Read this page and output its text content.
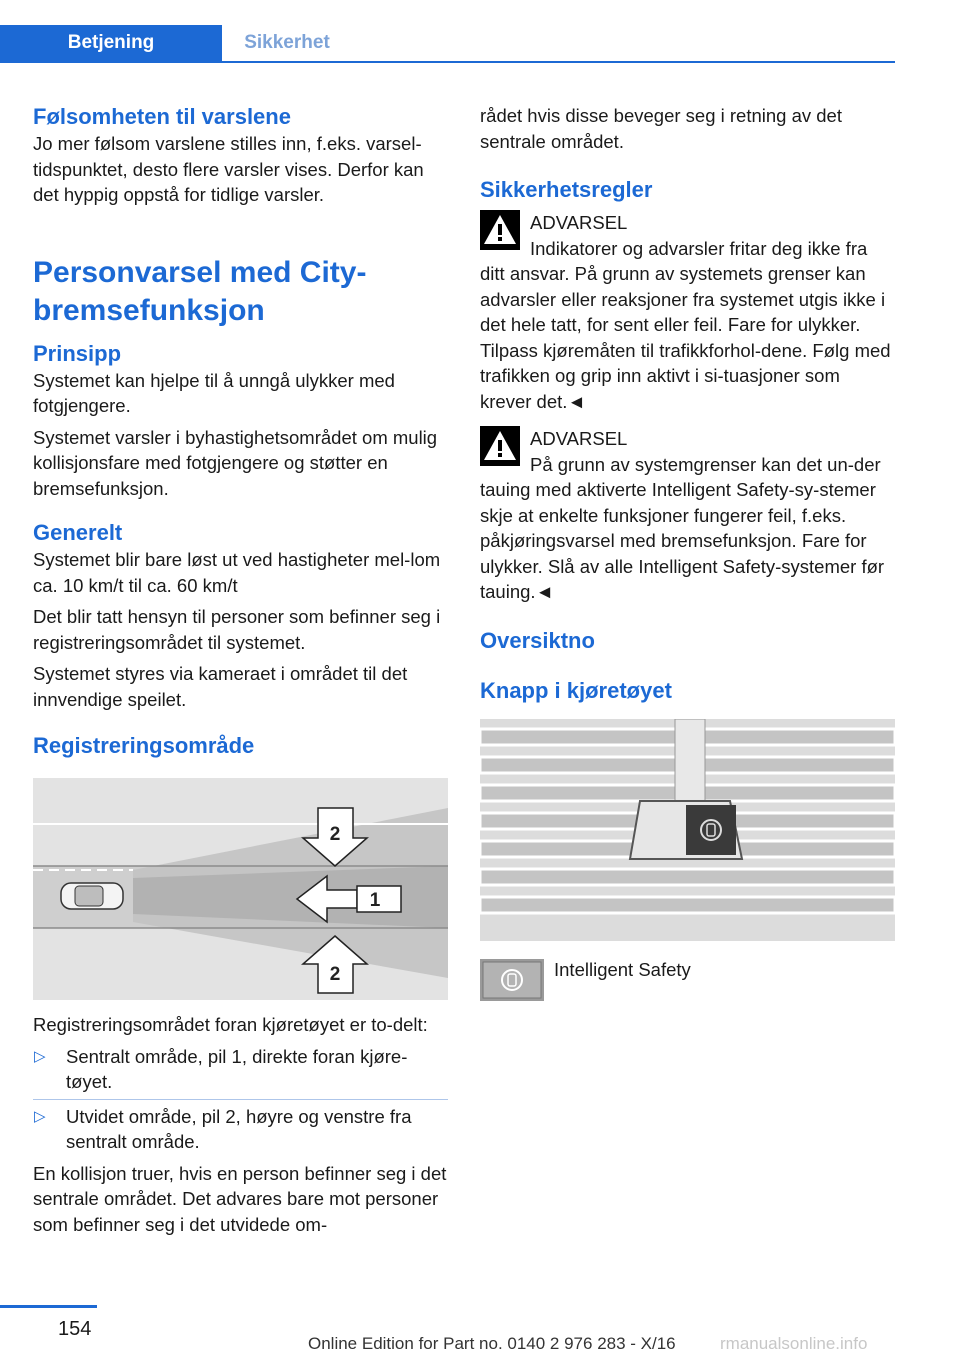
Betjening	Sikkerhet
Følsomheten til varslene

Jo mer følsom varslene stilles inn, f.eks. varsel-tidspunktet, desto flere varsler vises. Derfor kan det hyppig oppstå for tidlige varsler.

Personvarsel med City-bremsefunksjon
Prinsipp

Systemet kan hjelpe til å unngå ulykker med fotgjengere.

Systemet varsler i byhastighetsområdet om mulig kollisjonsfare med fotgjengere og støtter en bremsefunksjon.

Generelt

Systemet blir bare løst ut ved hastigheter mel-lom ca. 10 km/t til ca. 60 km/t

Det blir tatt hensyn til personer som befinner seg i registreringsområdet til systemet.

Systemet styres via kameraet i området til det innvendige speilet.

Registreringsområde
2
1
2

Registreringsområdet foran kjøretøyet er to-delt:

▷ Sentralt område, pil 1, direkte foran kjøre-tøyet.
▷ Utvidet område, pil 2, høyre og venstre fra sentralt område.

En kollisjon truer, hvis en person befinner seg i det sentrale området. Det advares bare mot personer som befinner seg i det utvidede om-

rådet hvis disse beveger seg i retning av det sentrale området.

Sikkerhetsregler
ADVARSEL

Indikatorer og advarsler fritar deg ikke fra ditt ansvar. På grunn av systemets grenser kan advarsler eller reaksjoner fra systemet utgis ikke i det hele tatt, for sent eller feil. Fare for ulykker. Tilpass kjøremåten til trafikkforhol-dene. Følg med trafikken og grip inn aktivt i si-tuasjoner som krever det.◄

ADVARSEL

På grunn av systemgrenser kan det un-der tauing med aktiverte Intelligent Safety-sy-stemer skje at enkelte funksjoner fungerer feil, f.eks. påkjøringsvarsel med bremsefunksjon. Fare for ulykker. Slå av alle Intelligent Safety-systemer før tauing.◄

Oversiktno
Knapp i kjøretøyet
Intelligent Safety
154
Online Edition for Part no. 0140 2 976 283 - X/16	rmanualsonline.info
